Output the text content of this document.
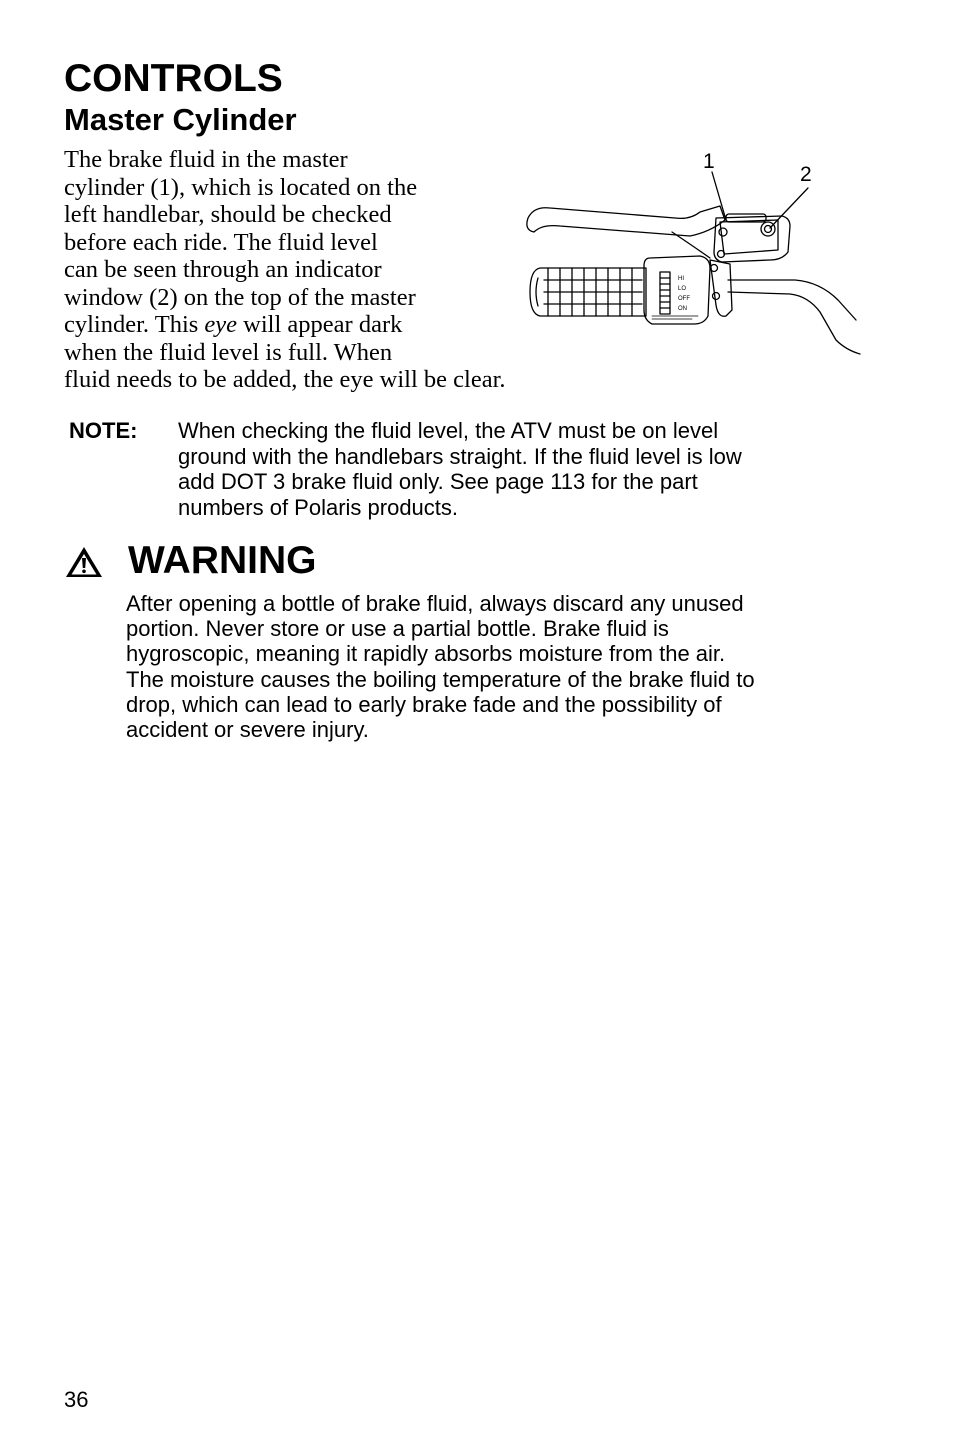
CONTROLS
Master Cylinder

The brake fluid in the master
cylinder (1), which is located on the
left handlebar, should be checked
before each ride. The fluid level
can be seen through an indicator
window (2) on the top of the master
cylinder. This eye will appear dark
when the fluid level is full. When
fluid needs to be added, the eye will be clear.

1
2
HI
LO
OFF
ON
NOTE: When checking the fluid level, the ATV must be on level
ground with the handlebars straight. If the fluid level is low
add DOT 3 brake fluid only. See page 113 for the part
numbers of Polaris products.
WARNING
After opening a bottle of brake fluid, always discard any unused
portion. Never store or use a partial bottle. Brake fluid is
hygroscopic, meaning it rapidly absorbs moisture from the air.
The moisture causes the boiling temperature of the brake fluid to
drop, which can lead to early brake fade and the possibility of
accident or severe injury.
36
